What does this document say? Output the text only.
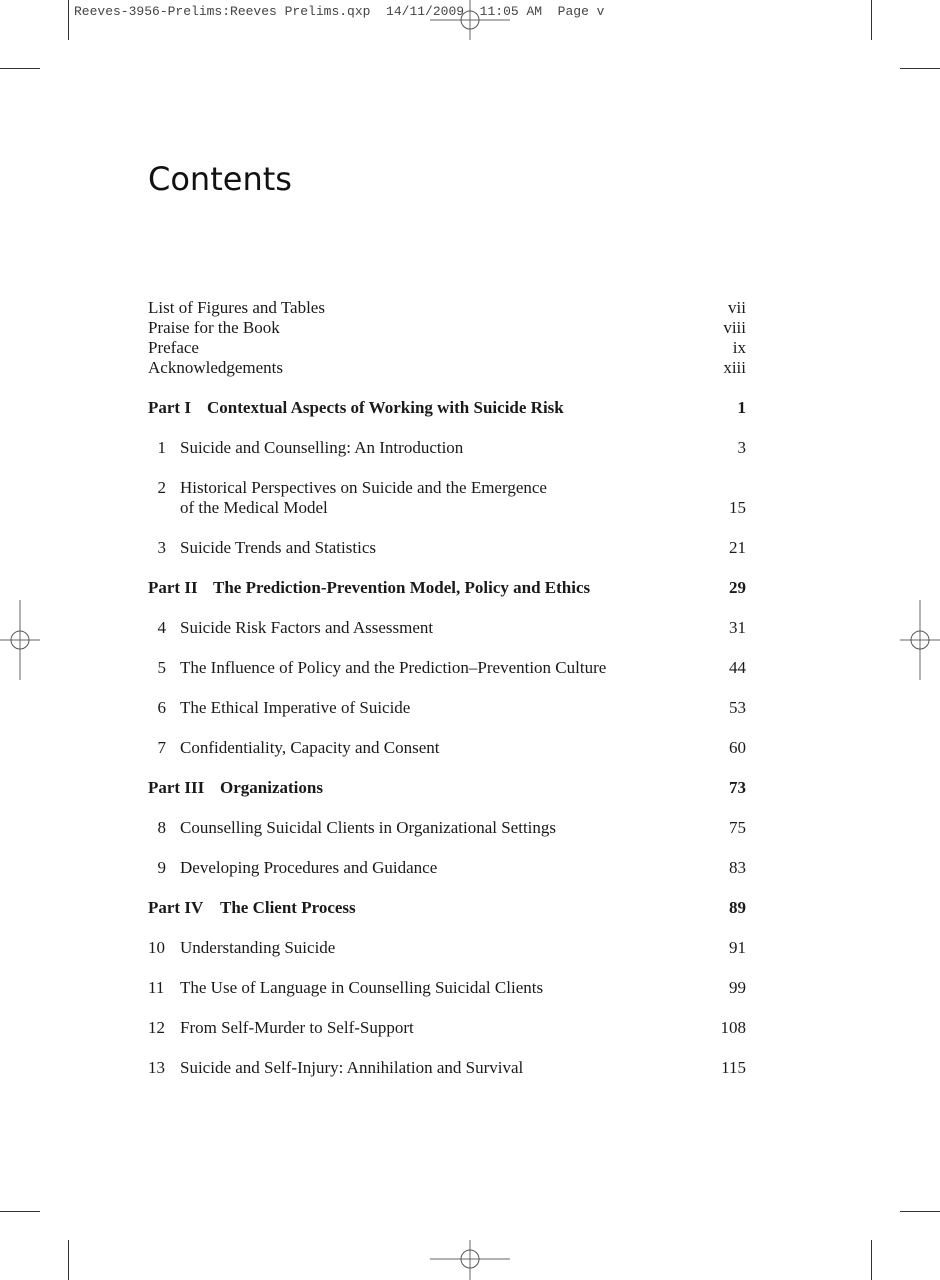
Reeves-3956-Prelims:Reeves Prelims.qxp  14/11/2009  11:05 AM  Page v
Contents
List of Figures and Tables	vii
Praise for the Book	viii
Preface	ix
Acknowledgements	xiii
Part I Contextual Aspects of Working with Suicide Risk	1
1 Suicide and Counselling: An Introduction	3
2 Historical Perspectives on Suicide and the Emergence
of the Medical Model	15
3 Suicide Trends and Statistics	21
Part II The Prediction-Prevention Model, Policy and Ethics	29
4 Suicide Risk Factors and Assessment	31
5 The Influence of Policy and the Prediction–Prevention Culture	44
6 The Ethical Imperative of Suicide	53
7 Confidentiality, Capacity and Consent	60
Part III Organizations	73
8 Counselling Suicidal Clients in Organizational Settings	75
9 Developing Procedures and Guidance	83
Part IV The Client Process	89
10 Understanding Suicide	91
11 The Use of Language in Counselling Suicidal Clients	99
12 From Self-Murder to Self-Support	108
13 Suicide and Self-Injury: Annihilation and Survival	115
